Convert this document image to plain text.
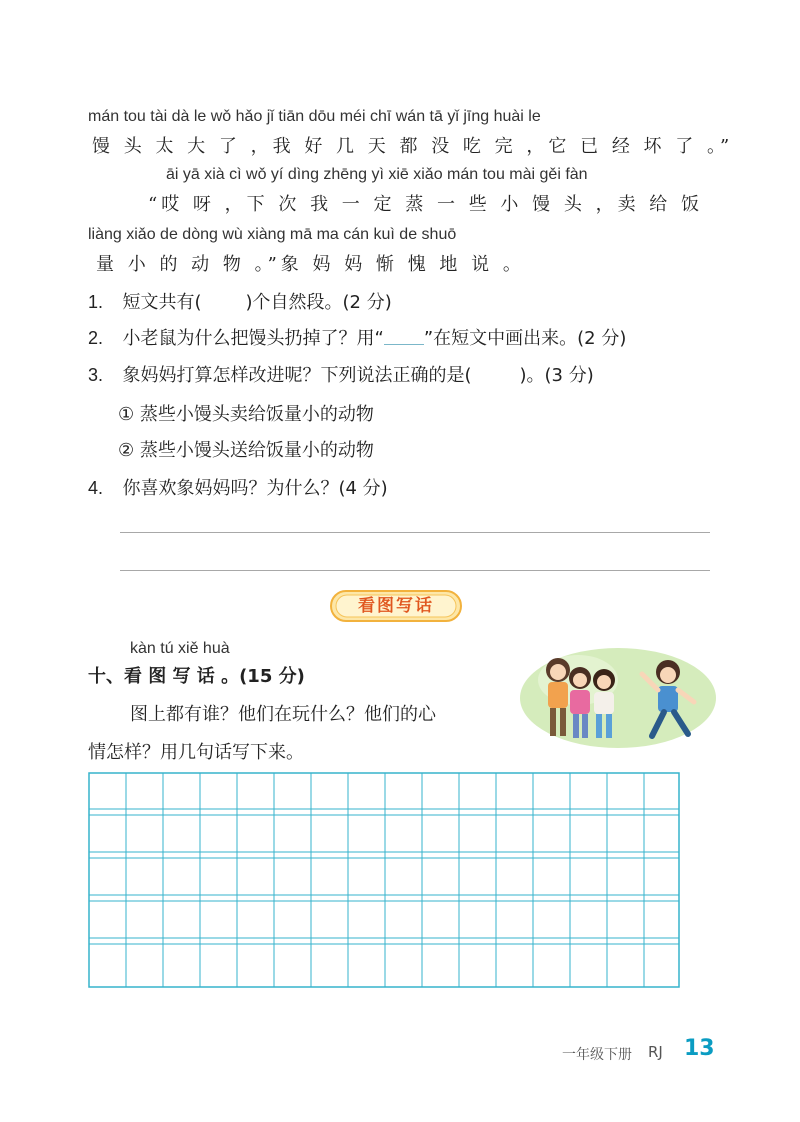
mán tou tài dà le wǒ hǎo jǐ tiān dōu méi chī wán tā yǐ jīng huài le
馒 头 太 大 了 ，我 好 几 天 都 没 吃 完 ，它 已 经 坏 了 。”
āi yā xià cì wǒ yí dìng zhēng yì xiē xiǎo mán tou mài gěi fàn
“哎 呀 ，下 次 我 一 定 蒸 一 些 小 馒 头 ，卖 给 饭
liàng xiǎo de dòng wù xiàng mā ma cán kuì de shuō
量 小 的 动 物 。”象 妈 妈 惭 愧 地 说 。
1. 短文共有( )个自然段。(2 分)
2. 小老鼠为什么把馒头扔掉了？用“ ”在短文中画出来。(2 分)
3. 象妈妈打算怎样改进呢？下列说法正确的是(	)。(3 分)
① 蒸些小馒头卖给饭量小的动物
② 蒸些小馒头送给饭量小的动物
4. 你喜欢象妈妈吗？为什么？(4 分)
看图写话
kàn tú xiě huà
十、看 图 写 话 。(15 分)
图上都有谁？他们在玩什么？他们的心
情怎样？用几句话写下来。
一年级下册 RJ 13
